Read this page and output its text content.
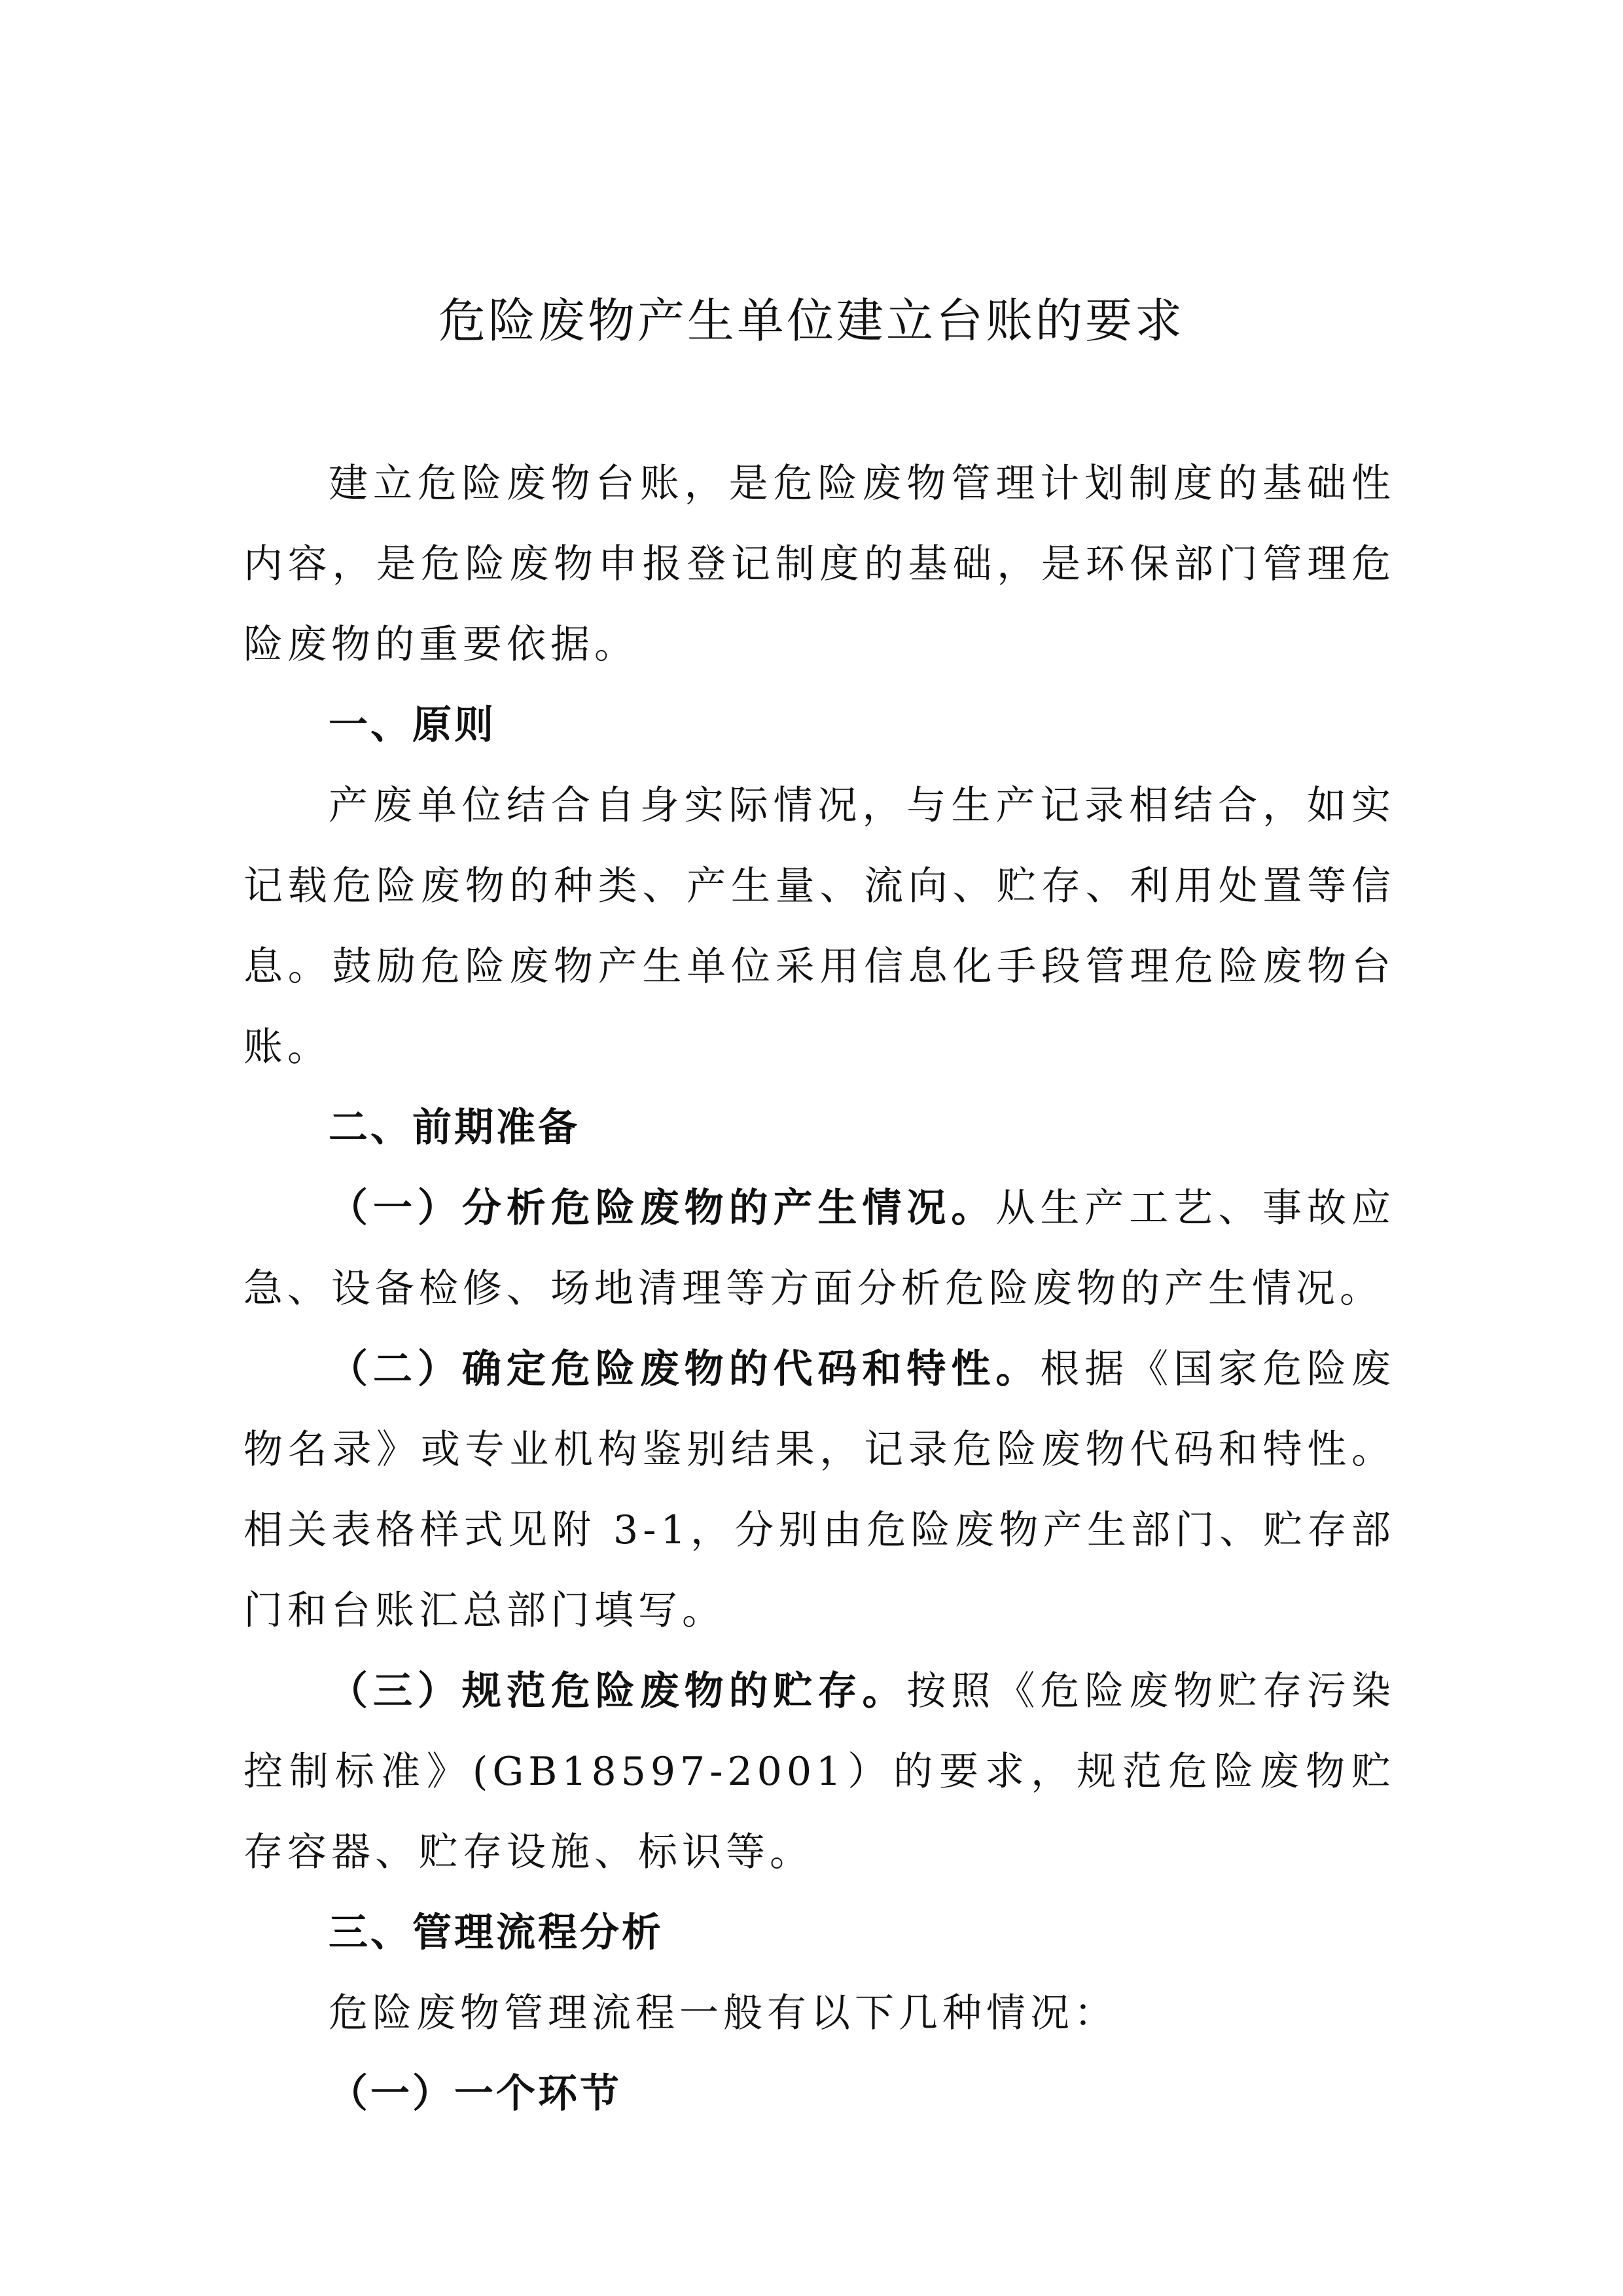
危险废物产生单位建立台账的要求

建立危险废物台账，是危险废物管理计划制度的基础性内容，是危险废物申报登记制度的基础，是环保部门管理危险废物的重要依据。

一、原则

产废单位结合自身实际情况，与生产记录相结合，如实记载危险废物的种类、产生量、流向、贮存、利用处置等信息。鼓励危险废物产生单位采用信息化手段管理危险废物台账。

二、前期准备

（一）分析危险废物的产生情况。从生产工艺、事故应急、设备检修、场地清理等方面分析危险废物的产生情况。

（二）确定危险废物的代码和特性。根据《国家危险废物名录》或专业机构鉴别结果，记录危险废物代码和特性。相关表格样式见附 3-1，分别由危险废物产生部门、贮存部门和台账汇总部门填写。

（三）规范危险废物的贮存。按照《危险废物贮存污染控制标准》(GB18597-2001）的要求，规范危险废物贮存容器、贮存设施、标识等。

三、管理流程分析

危险废物管理流程一般有以下几种情况：

（一）一个环节
